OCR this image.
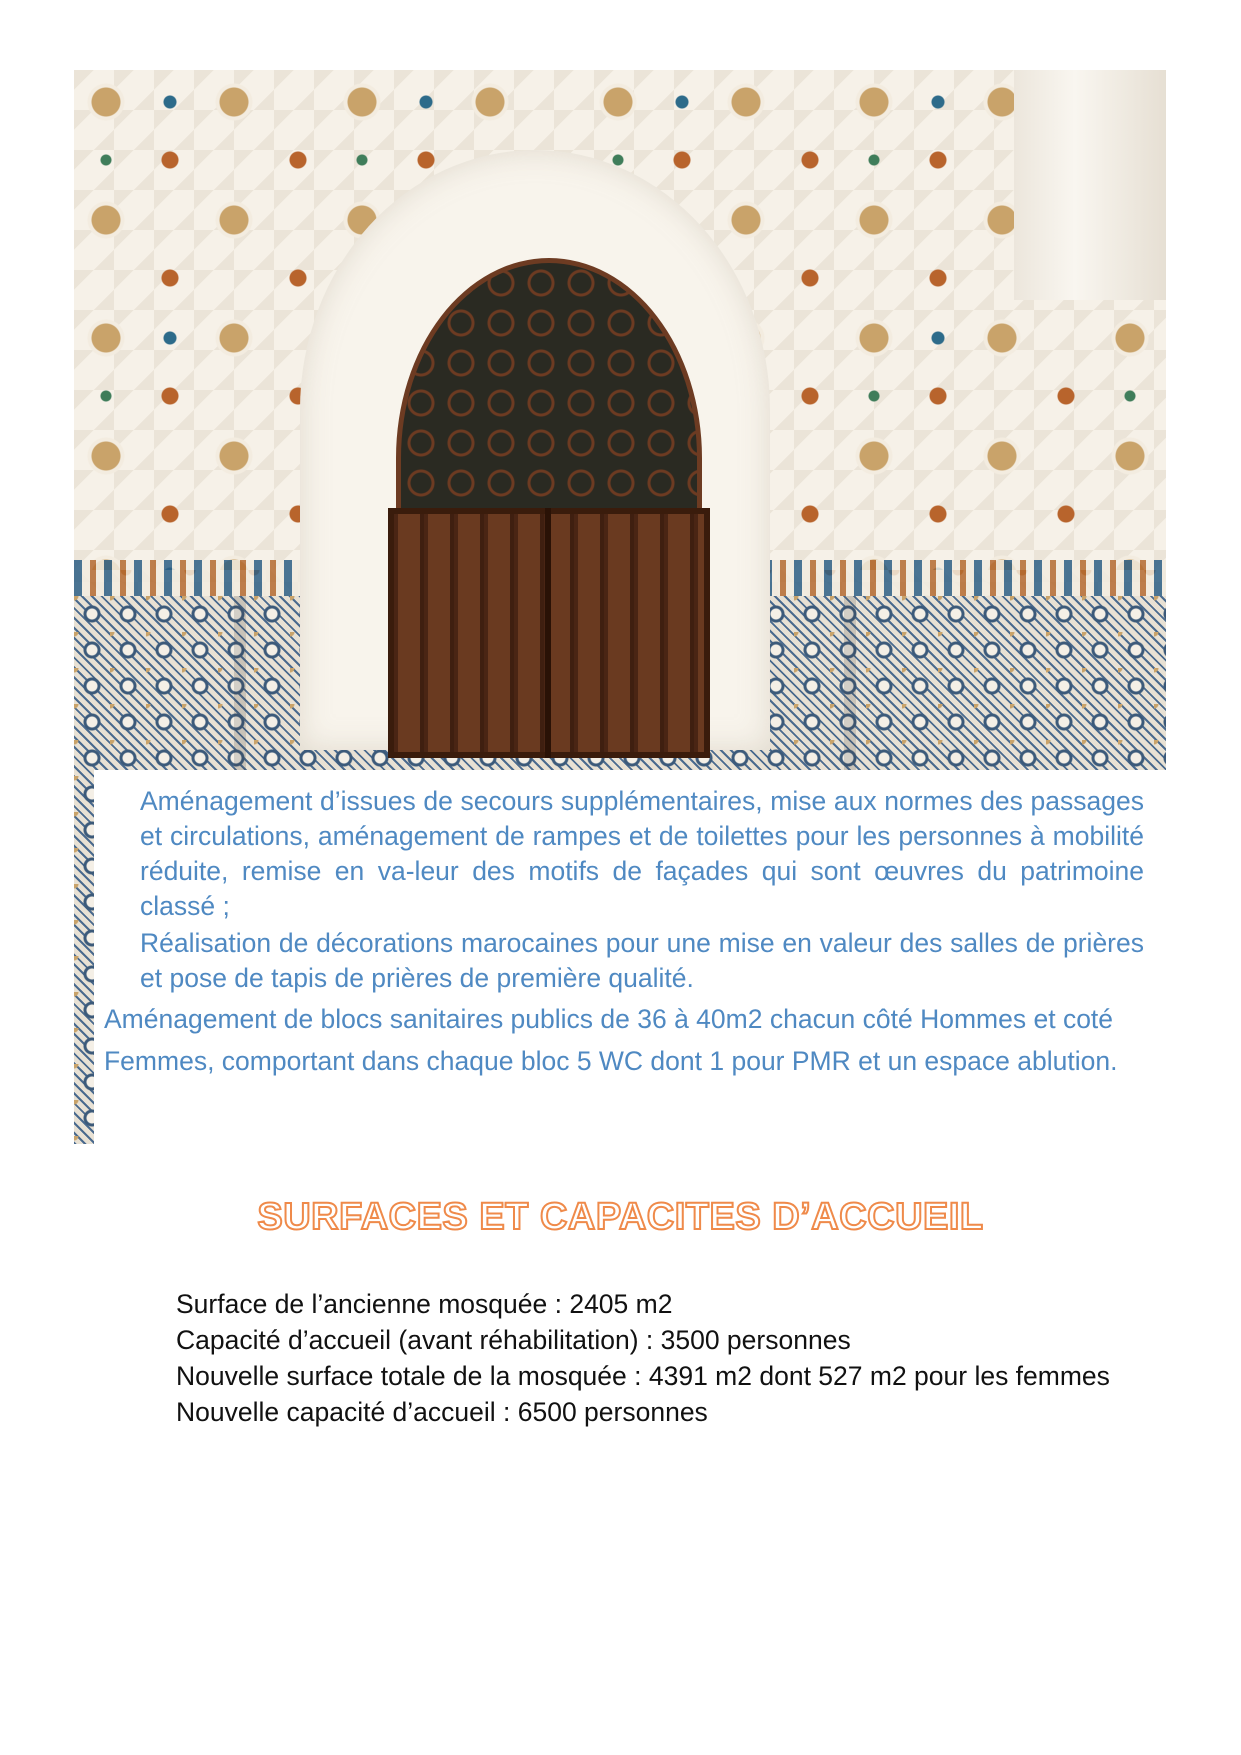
Aménagement d’issues de secours supplémentaires, mise aux normes des passages et circulations, aménagement de rampes et de toilettes pour les personnes à mobilité réduite, remise en va-leur des motifs de façades qui sont œuvres du patrimoine classé ;
Réalisation de décorations marocaines pour une mise en valeur des salles de prières et pose de tapis de prières de première qualité.
Aménagement de blocs sanitaires publics de 36 à 40m2 chacun côté Hommes et coté Femmes, comportant dans chaque bloc 5 WC dont 1 pour PMR et un espace ablution.
SURFACES ET CAPACITES D’ACCUEIL
Surface de l’ancienne mosquée : 2405 m2
Capacité d’accueil (avant réhabilitation) : 3500 personnes
Nouvelle surface totale de la mosquée : 4391 m2 dont 527 m2 pour les femmes
Nouvelle capacité d’accueil : 6500 personnes
